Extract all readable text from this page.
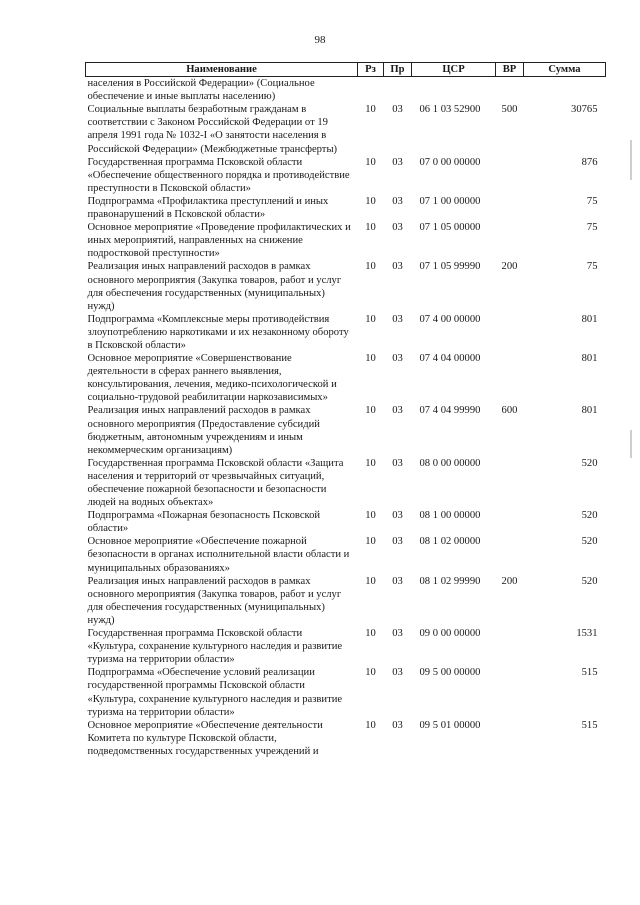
98
Наименование	Рз	Пр	ЦСР	ВР	Сумма
населения в Российской Федерации» (Социальное обеспечение и иные выплаты населению)					
Социальные выплаты безработным гражданам в соответствии с Законом Российской Федерации от 19 апреля 1991 года № 1032-I «О занятости населения в Российской Федерации» (Межбюджетные трансферты)	10	03	06 1 03 52900	500	30765
Государственная программа Псковской области «Обеспечение общественного порядка и противодействие преступности в Псковской области»	10	03	07 0 00 00000		876
Подпрограмма «Профилактика преступлений и иных правонарушений в Псковской области»	10	03	07 1 00 00000		75
Основное мероприятие «Проведение профилактических и иных мероприятий, направленных на снижение подростковой преступности»	10	03	07 1 05 00000		75
Реализация иных направлений расходов в рамках основного мероприятия (Закупка товаров, работ и услуг для обеспечения государственных (муниципальных) нужд)	10	03	07 1 05 99990	200	75
Подпрограмма «Комплексные меры противодействия злоупотреблению наркотиками и их незаконному обороту в Псковской области»	10	03	07 4 00 00000		801
Основное мероприятие «Совершенствование деятельности в сферах раннего выявления, консультирования, лечения, медико-психологической и социально-трудовой реабилитации наркозависимых»	10	03	07 4 04 00000		801
Реализация иных направлений расходов в рамках основного мероприятия (Предоставление субсидий бюджетным, автономным учреждениям и иным некоммерческим организациям)	10	03	07 4 04 99990	600	801
Государственная программа Псковской области «Защита населения и территорий от чрезвычайных ситуаций, обеспечение пожарной безопасности и безопасности людей на водных объектах»	10	03	08 0 00 00000		520
Подпрограмма «Пожарная безопасность Псковской области»	10	03	08 1 00 00000		520
Основное мероприятие «Обеспечение пожарной безопасности в органах исполнительной власти области и муниципальных образованиях»	10	03	08 1 02 00000		520
Реализация иных направлений расходов в рамках основного мероприятия (Закупка товаров, работ и услуг для обеспечения государственных (муниципальных) нужд)	10	03	08 1 02 99990	200	520
Государственная программа Псковской области «Культура, сохранение культурного наследия и развитие туризма на территории области»	10	03	09 0 00 00000		1531
Подпрограмма «Обеспечение условий реализации государственной программы Псковской области «Культура, сохранение культурного наследия и развитие туризма на территории области»	10	03	09 5 00 00000		515
Основное мероприятие «Обеспечение деятельности Комитета по культуре Псковской области, подведомственных государственных учреждений и	10	03	09 5 01 00000		515
